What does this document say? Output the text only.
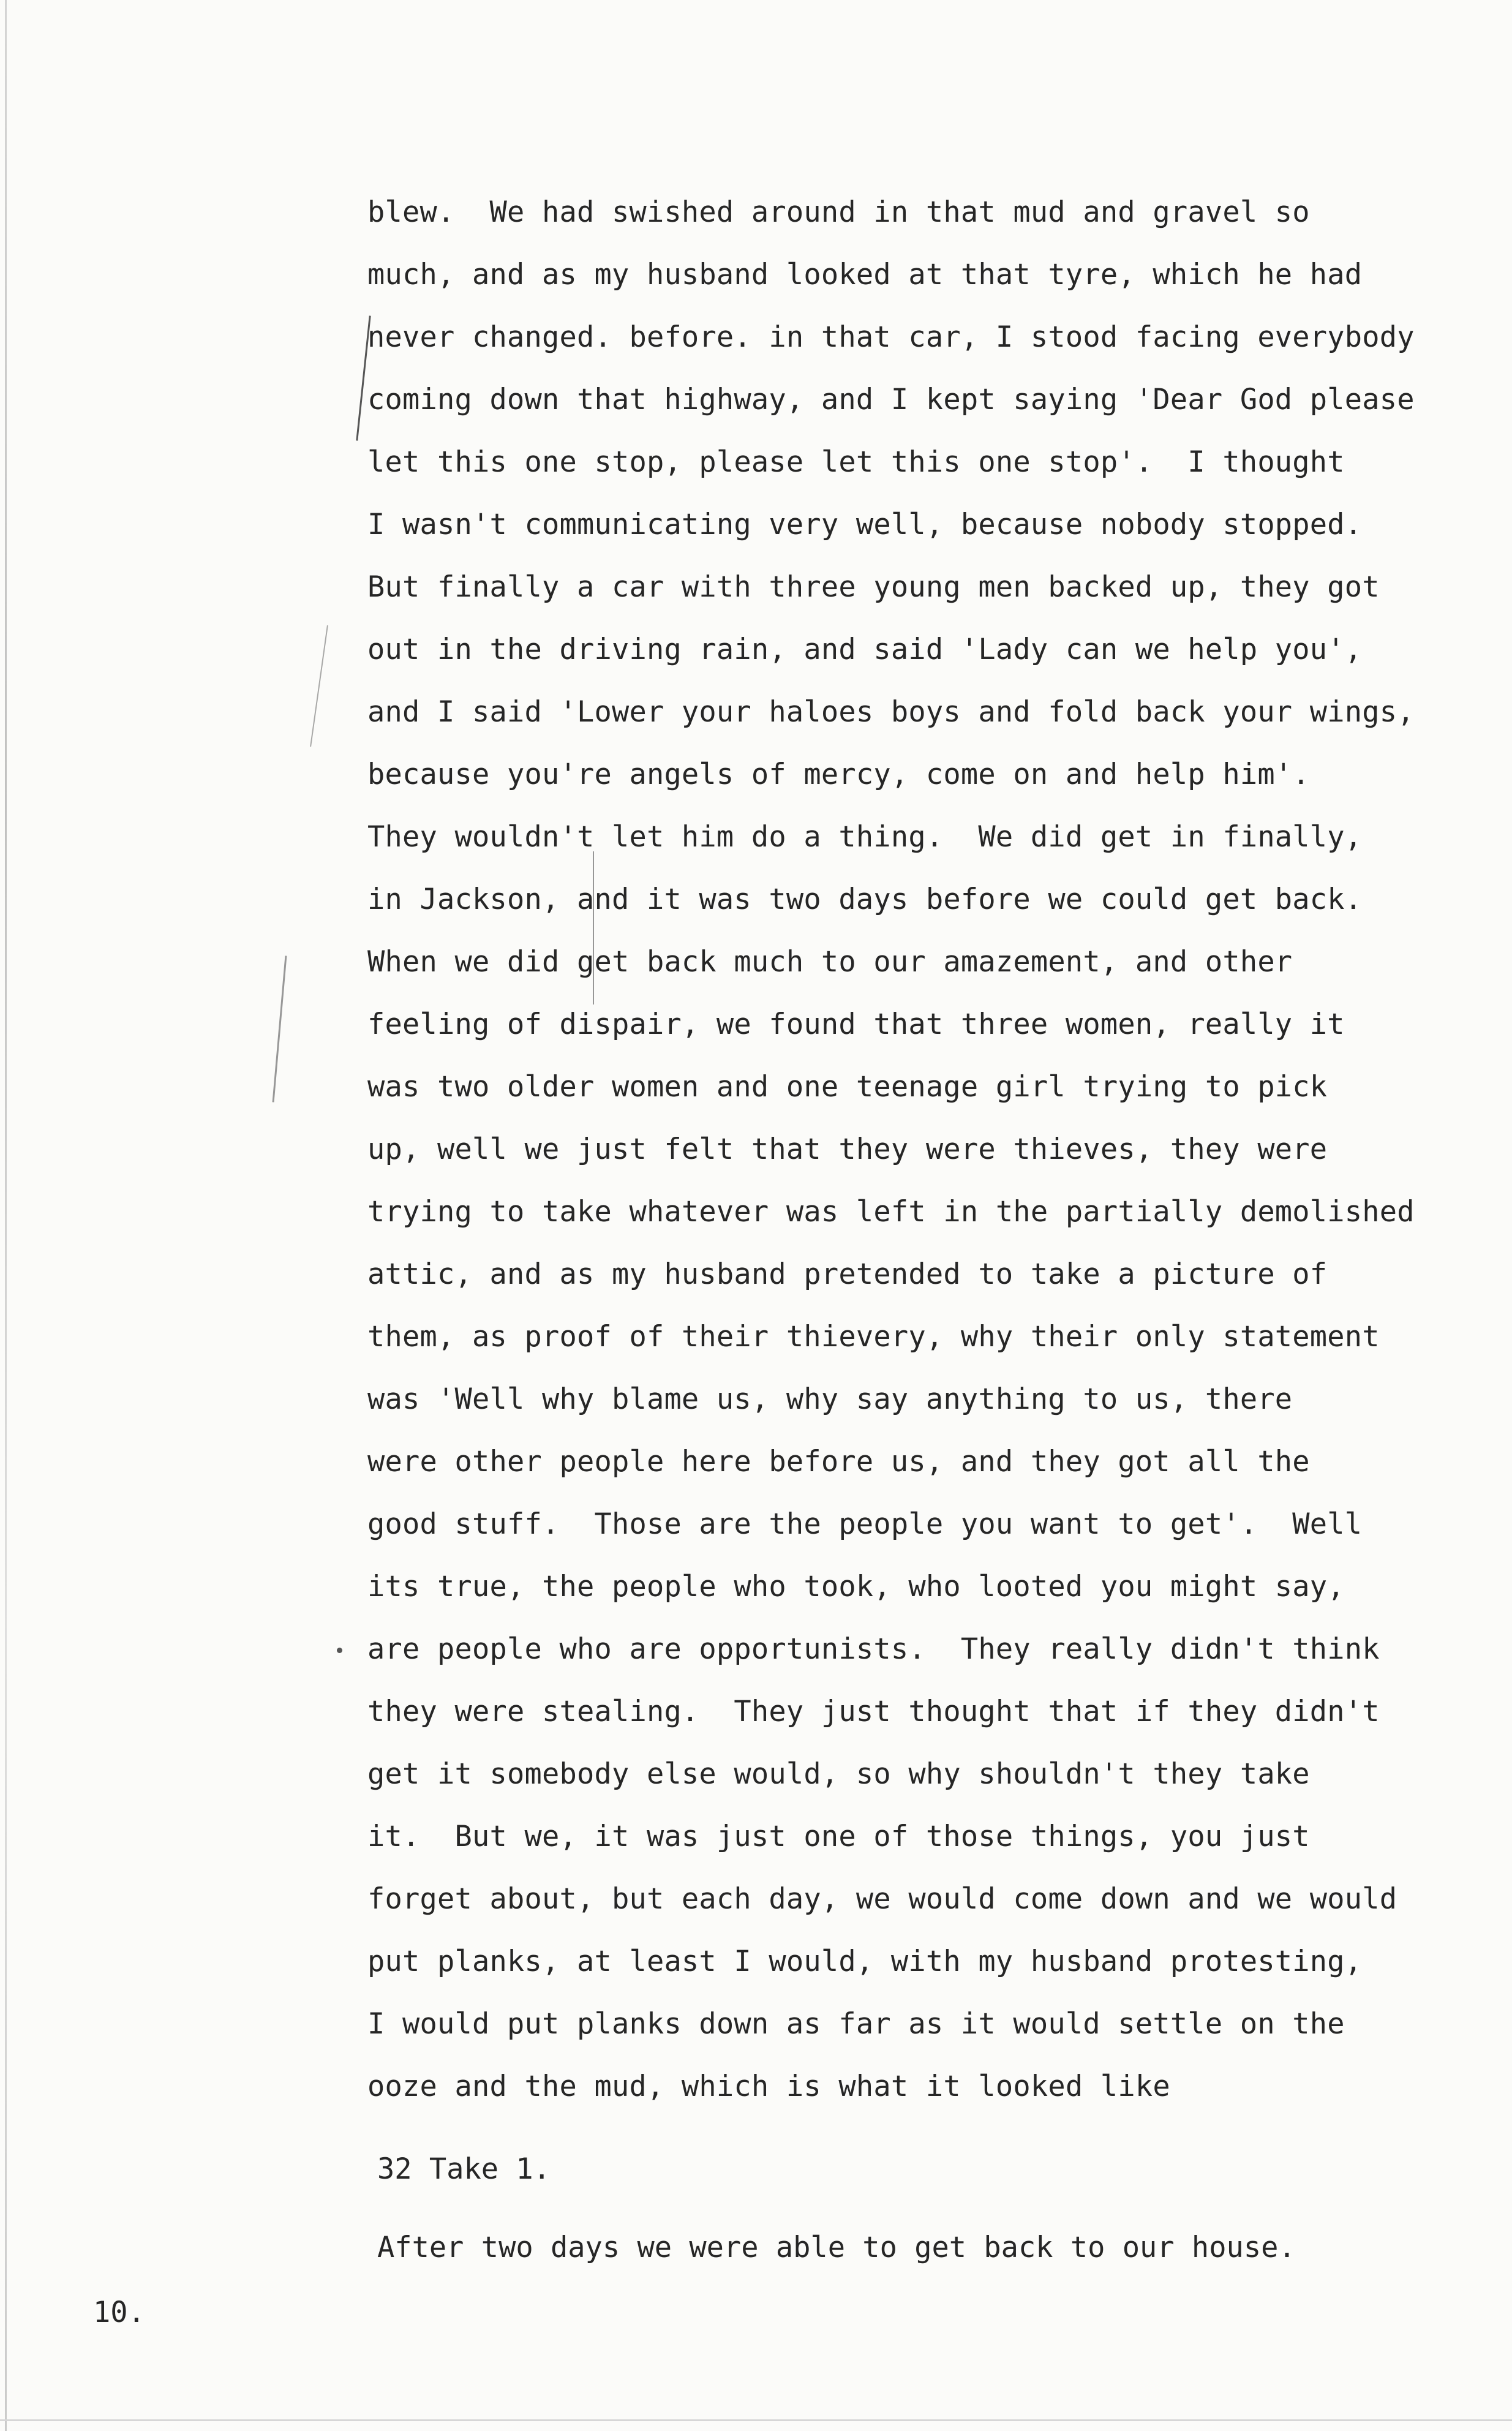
blew.  We had swished around in that mud and gravel so
much, and as my husband looked at that tyre, which he had
never changed. before. in that car, I stood facing everybody
coming down that highway, and I kept saying 'Dear God please
let this one stop, please let this one stop'.  I thought
I wasn't communicating very well, because nobody stopped.
But finally a car with three young men backed up, they got
out in the driving rain, and said 'Lady can we help you',
and I said 'Lower your haloes boys and fold back your wings,
because you're angels of mercy, come on and help him'.
They wouldn't let him do a thing.  We did get in finally,
in Jackson, and it was two days before we could get back.
When we did get back much to our amazement, and other
feeling of dispair, we found that three women, really it
was two older women and one teenage girl trying to pick
up, well we just felt that they were thieves, they were
trying to take whatever was left in the partially demolished
attic, and as my husband pretended to take a picture of
them, as proof of their thievery, why their only statement
was 'Well why blame us, why say anything to us, there
were other people here before us, and they got all the
good stuff.  Those are the people you want to get'.  Well
its true, the people who took, who looted you might say,
are people who are opportunists.  They really didn't think
they were stealing.  They just thought that if they didn't
get it somebody else would, so why shouldn't they take
it.  But we, it was just one of those things, you just
forget about, but each day, we would come down and we would
put planks, at least I would, with my husband protesting,
I would put planks down as far as it would settle on the
ooze and the mud, which is what it looked like
32 Take 1.
After two days we were able to get back to our house.
10.
